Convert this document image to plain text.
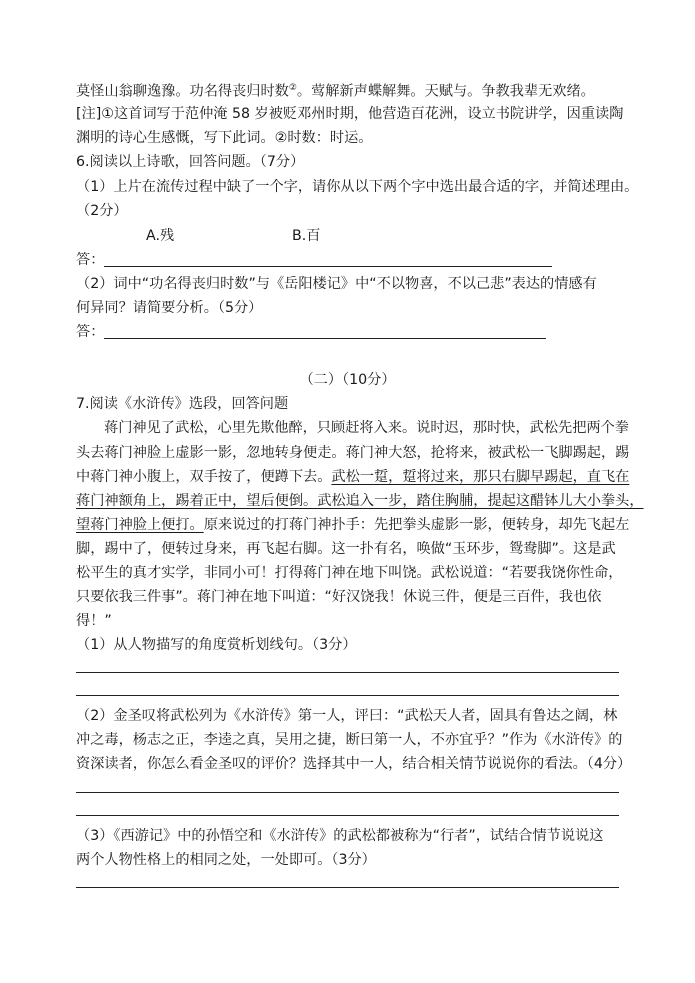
莫怪山翁聊逸豫。功名得丧归时数②。莺解新声蝶解舞。天赋与。争教我辈无欢绪。
[注]①这首词写于范仲淹 58 岁被贬邓州时期，他营造百花洲，设立书院讲学，因重读陶
渊明的诗心生感慨，写下此词。②时数：时运。
6.阅读以上诗歌，回答问题。（7分）
（1）上片在流传过程中缺了一个字，请你从以下两个字中选出最合适的字，并简述理由。
（2分）
A.残	B.百
答：
（2）词中“功名得丧归时数”与《岳阳楼记》中“不以物喜，不以己悲”表达的情感有
何异同？请简要分析。（5分）
答：
（二）（10分）
7.阅读《水浒传》选段，回答问题
蒋门神见了武松，心里先欺他醉，只顾赶将入来。说时迟，那时快，武松先把两个拳
头去蒋门神脸上虚影一影，忽地转身便走。蒋门神大怒，抢将来，被武松一飞脚踢起，踢
中蒋门神小腹上，双手按了，便蹲下去。武松一踅，踅将过来，那只右脚早踢起，直飞在
蒋门神额角上，踢着正中，望后便倒。武松追入一步，踏住胸脯，提起这醋钵儿大小拳头，
望蒋门神脸上便打。原来说过的打蒋门神扑手：先把拳头虚影一影，便转身，却先飞起左
脚，踢中了，便转过身来，再飞起右脚。这一扑有名，唤做“玉环步，鸳鸯脚”。这是武
松平生的真才实学，非同小可！打得蒋门神在地下叫饶。武松说道：“若要我饶你性命，
只要依我三件事”。蒋门神在地下叫道：“好汉饶我！休说三件，便是三百件，我也依
得！”
（1）从人物描写的角度赏析划线句。（3分）
（2）金圣叹将武松列为《水浒传》第一人，评曰：“武松天人者，固具有鲁达之阔，林
冲之毒，杨志之正，李逵之真，吴用之捷，断曰第一人，不亦宜乎？”作为《水浒传》的
资深读者，你怎么看金圣叹的评价？选择其中一人，结合相关情节说说你的看法。（4分）
（3）《西游记》中的孙悟空和《水浒传》的武松都被称为“行者”，试结合情节说说这
两个人物性格上的相同之处，一处即可。（3分）
